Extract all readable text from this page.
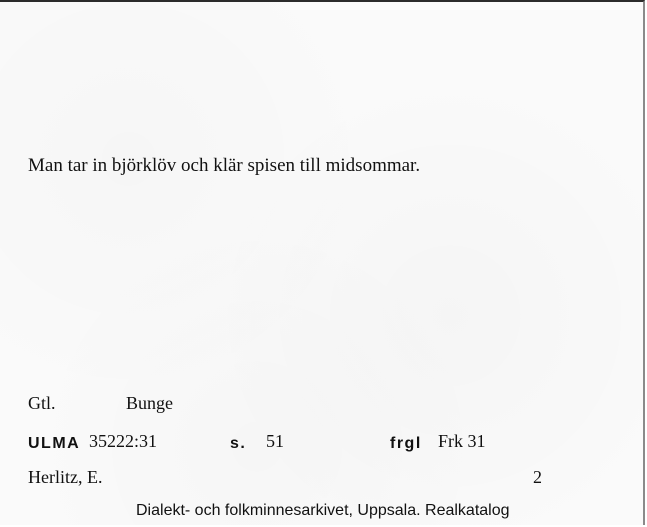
Man tar in björklöv och klär spisen till midsommar.
Gtl.	Bunge
ULMA 35222:31	s. 51	frgl Frk 31
Herlitz, E.	2
Dialekt- och folkminnesarkivet, Uppsala. Realkatalog
